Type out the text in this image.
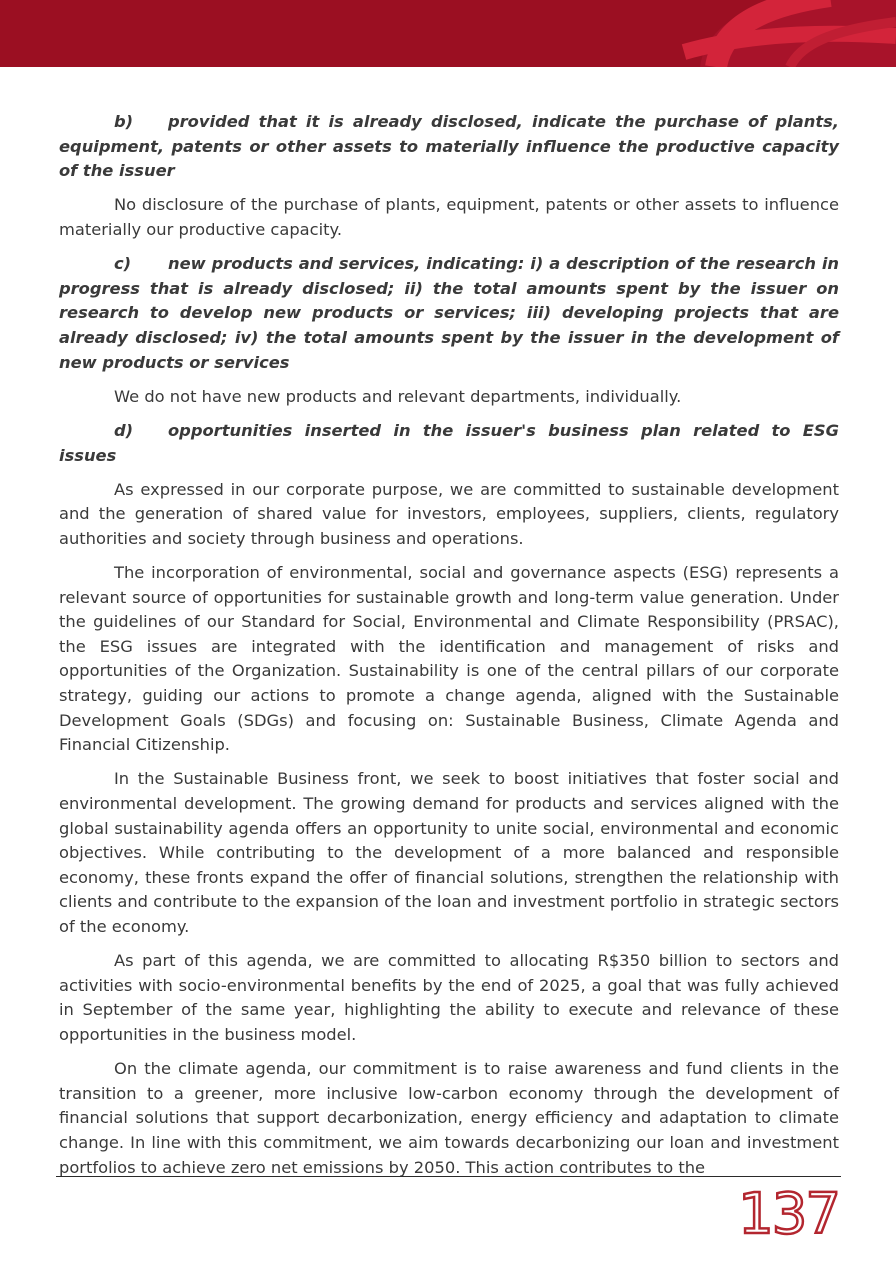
b) provided that it is already disclosed, indicate the purchase of plants, equipment, patents or other assets to materially influence the productive capacity of the issuer

No disclosure of the purchase of plants, equipment, patents or other assets to influence materially our productive capacity.

c) new products and services, indicating: i) a description of the research in progress that is already disclosed; ii) the total amounts spent by the issuer on research to develop new products or services; iii) developing projects that are already disclosed; iv) the total amounts spent by the issuer in the development of new products or services

We do not have new products and relevant departments, individually.

d) opportunities inserted in the issuer's business plan related to ESG issues

As expressed in our corporate purpose, we are committed to sustainable development and the generation of shared value for investors, employees, suppliers, clients, regulatory authorities and society through business and operations.

The incorporation of environmental, social and governance aspects (ESG) represents a relevant source of opportunities for sustainable growth and long-term value generation. Under the guidelines of our Standard for Social, Environmental and Climate Responsibility (PRSAC), the ESG issues are integrated with the identification and management of risks and opportunities of the Organization. Sustainability is one of the central pillars of our corporate strategy, guiding our actions to promote a change agenda, aligned with the Sustainable Development Goals (SDGs) and focusing on: Sustainable Business, Climate Agenda and Financial Citizenship.

In the Sustainable Business front, we seek to boost initiatives that foster social and environmental development. The growing demand for products and services aligned with the global sustainability agenda offers an opportunity to unite social, environmental and economic objectives. While contributing to the development of a more balanced and responsible economy, these fronts expand the offer of financial solutions, strengthen the relationship with clients and contribute to the expansion of the loan and investment portfolio in strategic sectors of the economy.

As part of this agenda, we are committed to allocating R$350 billion to sectors and activities with socio-environmental benefits by the end of 2025, a goal that was fully achieved in September of the same year, highlighting the ability to execute and relevance of these opportunities in the business model.

On the climate agenda, our commitment is to raise awareness and fund clients in the transition to a greener, more inclusive low-carbon economy through the development of financial solutions that support decarbonization, energy efficiency and adaptation to climate change. In line with this commitment, we aim towards decarbonizing our loan and investment portfolios to achieve zero net emissions by 2050. This action contributes to the

137
